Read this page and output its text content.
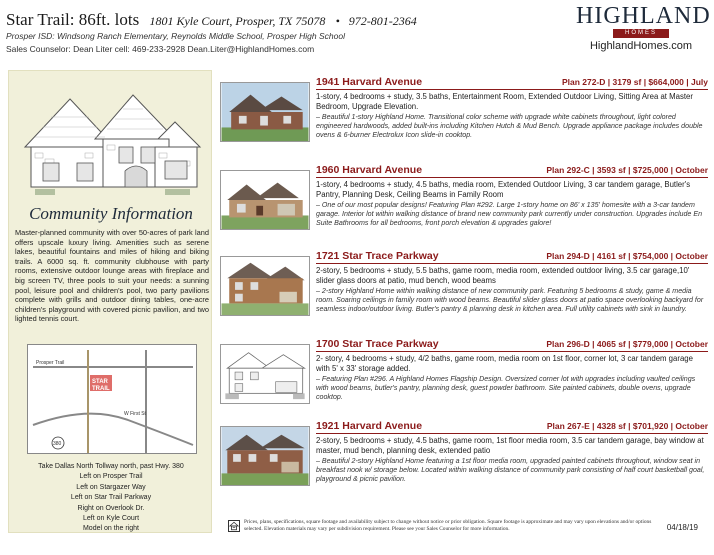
Star Trail: 86ft. lots 1801 Kyle Court, Prosper, TX 75078 • 972-801-2364
Prosper ISD: Windsong Ranch Elementary, Reynolds Middle School, Prosper High School
Sales Counselor: Dean Liter cell: 469-233-2928 Dean.Liter@HighlandHomes.com
HIGHLAND
HOMES
HighlandHomes.com
Community Information
Master-planned community with over 50-acres of park land offers upscale luxury living. Amenities such as serene lakes, beautiful fountains and miles of hiking and biking trails. A 6000 sq. ft. community clubhouse with party rooms, extensive outdoor lounge areas with fireplace and big screen TV, three pools to suit your needs: a sunning pool, leisure pool and children's pool, two party pavilions complete with grills and outdoor dining tables, one-acre children's playground with covered picnic pavilion, and two lighted tennis court.
STAR
TRAIL
Prosper Trail
W First St
380
Take Dallas North Tollway north, past Hwy. 380
Left on Prosper Trail
Left on Stargazer Way
Left on Star Trail Parkway
Right on Overlook Dr.
Left on Kyle Court
Model on the right
1941 Harvard Avenue	Plan 272-D | 3179 sf | $664,000 | July
1-story, 4 bedrooms + study, 3.5 baths, Entertainment Room, Extended Outdoor Living, Sitting Area at Master Bedroom, Upgrade Elevation.
– Beautiful 1-story Highland Home. Transitional color scheme with upgrade white cabinets throughout, light colored engineered hardwoods, added built-ins including Kitchen Hutch & Mud Bench. Upgrade appliance package includes double ovens & 6-burner Electrolux Icon slide-in cooktop.
1960 Harvard Avenue	Plan 292-C | 3593 sf | $725,000 | October
1-story, 4 bedrooms + study, 4.5 baths, media room, Extended Outdoor Living, 3 car tandem garage, Butler's Pantry, Planning Desk, Ceiling Beams in Family Room
– One of our most popular designs! Featuring Plan #292. Large 1-story home on 86' x 135' homesite with a 3-car tandem garage. Interior lot within walking distance of brand new community park currently under construction. Upgrades include En Suite Bathrooms for all bedrooms, front porch elevation & upgrades galore!
1721 Star Trace Parkway	Plan 294-D | 4161 sf | $754,000 | October
2-story, 5 bedrooms + study, 5.5 baths, game room, media room, extended outdoor living, 3.5 car garage,10' slider glass doors at patio, mud bench, wood beams
– 2-story Highland Home within walking distance of new community park. Featuring 5 bedrooms & study, game & media room. Soaring ceilings in family room with wood beams. Beautiful slider glass doors at patio space overlooking backyard for seamless indoor/outdoor living. Butler's pantry & planning desk in kitchen area. Full utility cabinets with sink in laundry.
1700 Star Trace Parkway	Plan 296-D | 4065 sf | $779,000 | October
2- story, 4 bedrooms + study, 4/2 baths, game room, media room on 1st floor, corner lot, 3 car tandem garage with 5' x 33' storage added.
– Featuring Plan #296. A Highland Homes Flagship Design. Oversized corner lot with upgrades including vaulted ceilings with wood beams, butler's pantry, planning desk, guest powder bathroom. Site painted cabinets, double ovens, upgrade cooktop.
1921 Harvard Avenue	Plan 267-E | 4328 sf | $701,920 | October
2-story, 5 bedrooms + study, 4.5 baths, game room, 1st floor media room, 3.5 car tandem garage, bay window at master, mud bench, planning desk, extended patio
– Beautiful 2-story Highland Home featuring a 1st floor media room, upgraded painted cabinets throughout, window seat in breakfast nook w/ storage below. Located within walking distance of community park consisting of half court basketball goal, playground & picnic pavilion.
Prices, plans, specifications, square footage and availability subject to change without notice or prior obligation. Square footage is approximate and may vary upon elevations and/or options selected. Elevation materials may vary per subdivision requirement. Please see your Sales Counselor for more information.	04/18/19
